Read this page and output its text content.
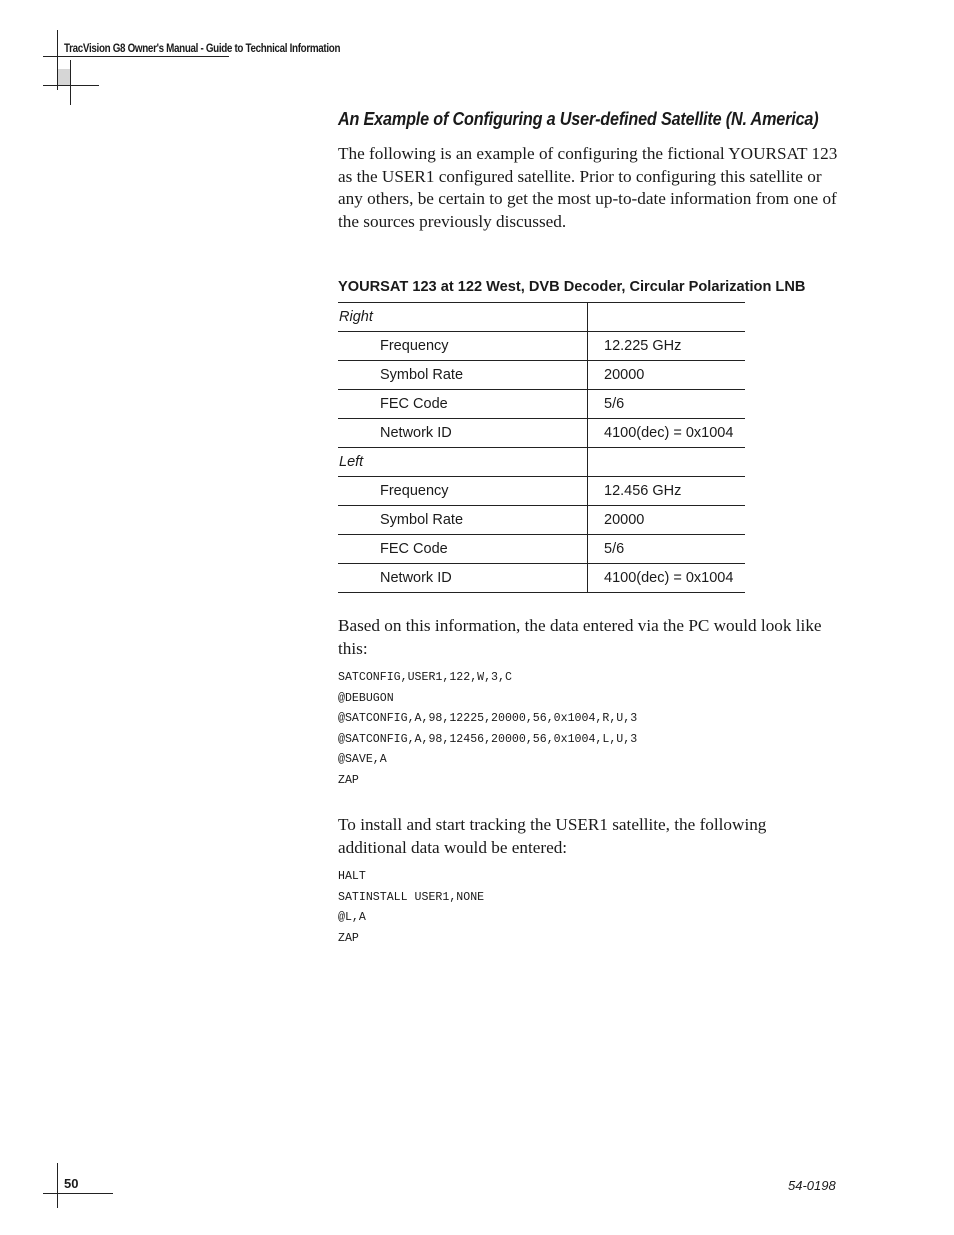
TracVision G8 Owner's Manual - Guide to Technical Information
An Example of Configuring a User-defined Satellite (N. America)
The following is an example of configuring the fictional YOURSAT 123 as the USER1 configured satellite. Prior to configuring this satellite or any others, be certain to get the most up-to-date information from one of the sources previously discussed.
YOURSAT 123 at 122 West, DVB Decoder, Circular Polarization LNB
Right	
Frequency	12.225 GHz
Symbol Rate	20000
FEC Code	5/6
Network ID	4100(dec) = 0x1004
Left	
Frequency	12.456 GHz
Symbol Rate	20000
FEC Code	5/6
Network ID	4100(dec) = 0x1004
Based on this information, the data entered via the PC would look like this:
SATCONFIG,USER1,122,W,3,C
@DEBUGON
@SATCONFIG,A,98,12225,20000,56,0x1004,R,U,3
@SATCONFIG,A,98,12456,20000,56,0x1004,L,U,3
@SAVE,A
ZAP
To install and start tracking the USER1 satellite, the following additional data would be entered:
HALT
SATINSTALL USER1,NONE
@L,A
ZAP
50	54-0198
